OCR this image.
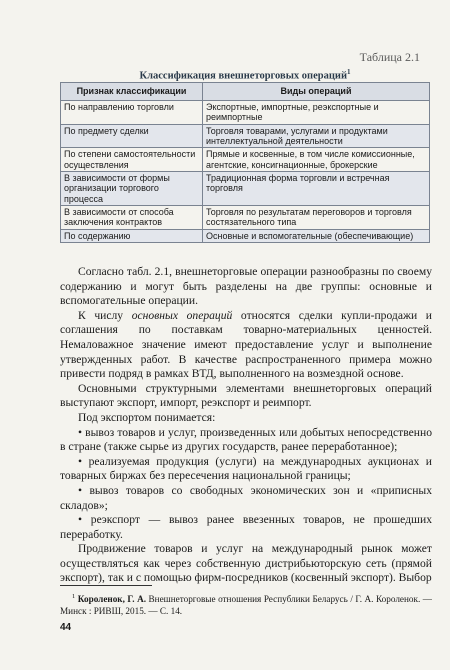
Таблица 2.1
Классификация внешнеторговых операций$^1$
Признак классификации	Виды операций
По направлению торговли	Экспортные, импортные, реэкспортные и реимпортные
По предмету сделки	Торговля товарами, услугами и продуктами интеллектуальной деятельности
По степени самостоятельности осуществления	Прямые и косвенные, в том числе комиссионные, агентские, консигнационные, брокерские
В зависимости от формы организации торгового процесса	Традиционная форма торговли и встречная торговля
В зависимости от способа заключения контрактов	Торговля по результатам переговоров и торговля состязательного типа
По содержанию	Основные и вспомогательные (обеспечивающие)

Согласно табл. 2.1, внешнеторговые операции разнообразны по своему содержанию и могут быть разделены на две группы: основные и вспомогательные операции.

К числу основных операций относятся сделки купли-продажи и соглашения по поставкам товарно-материальных ценностей. Немаловажное значение имеют предоставление услуг и выполнение утвержденных работ. В качестве распространенного примера можно привести подряд в рамках ВТД, выполненного на возмездной основе.

Основными структурными элементами внешнеторговых операций выступают экспорт, импорт, реэкспорт и реимпорт.

Под экспортом понимается:

• вывоз товаров и услуг, произведенных или добытых непосредственно в стране (также сырье из других государств, ранее переработанное);

• реализуемая продукция (услуги) на международных аукционах и товарных биржах без пересечения национальной границы;

• вывоз товаров со свободных экономических зон и «приписных складов»;

• реэкспорт — вывоз ранее ввезенных товаров, не прошедших переработку.

Продвижение товаров и услуг на международный рынок может осуществляться как через собственную дистрибьюторскую сеть (прямой экспорт), так и с помощью фирм-посредников (косвенный экспорт). Выбор

$^1$ Короленок, Г. А. Внешнеторговые отношения Республики Беларусь / Г. А. Короленок. — Минск : РИВШ, 2015. — С. 14.

44
